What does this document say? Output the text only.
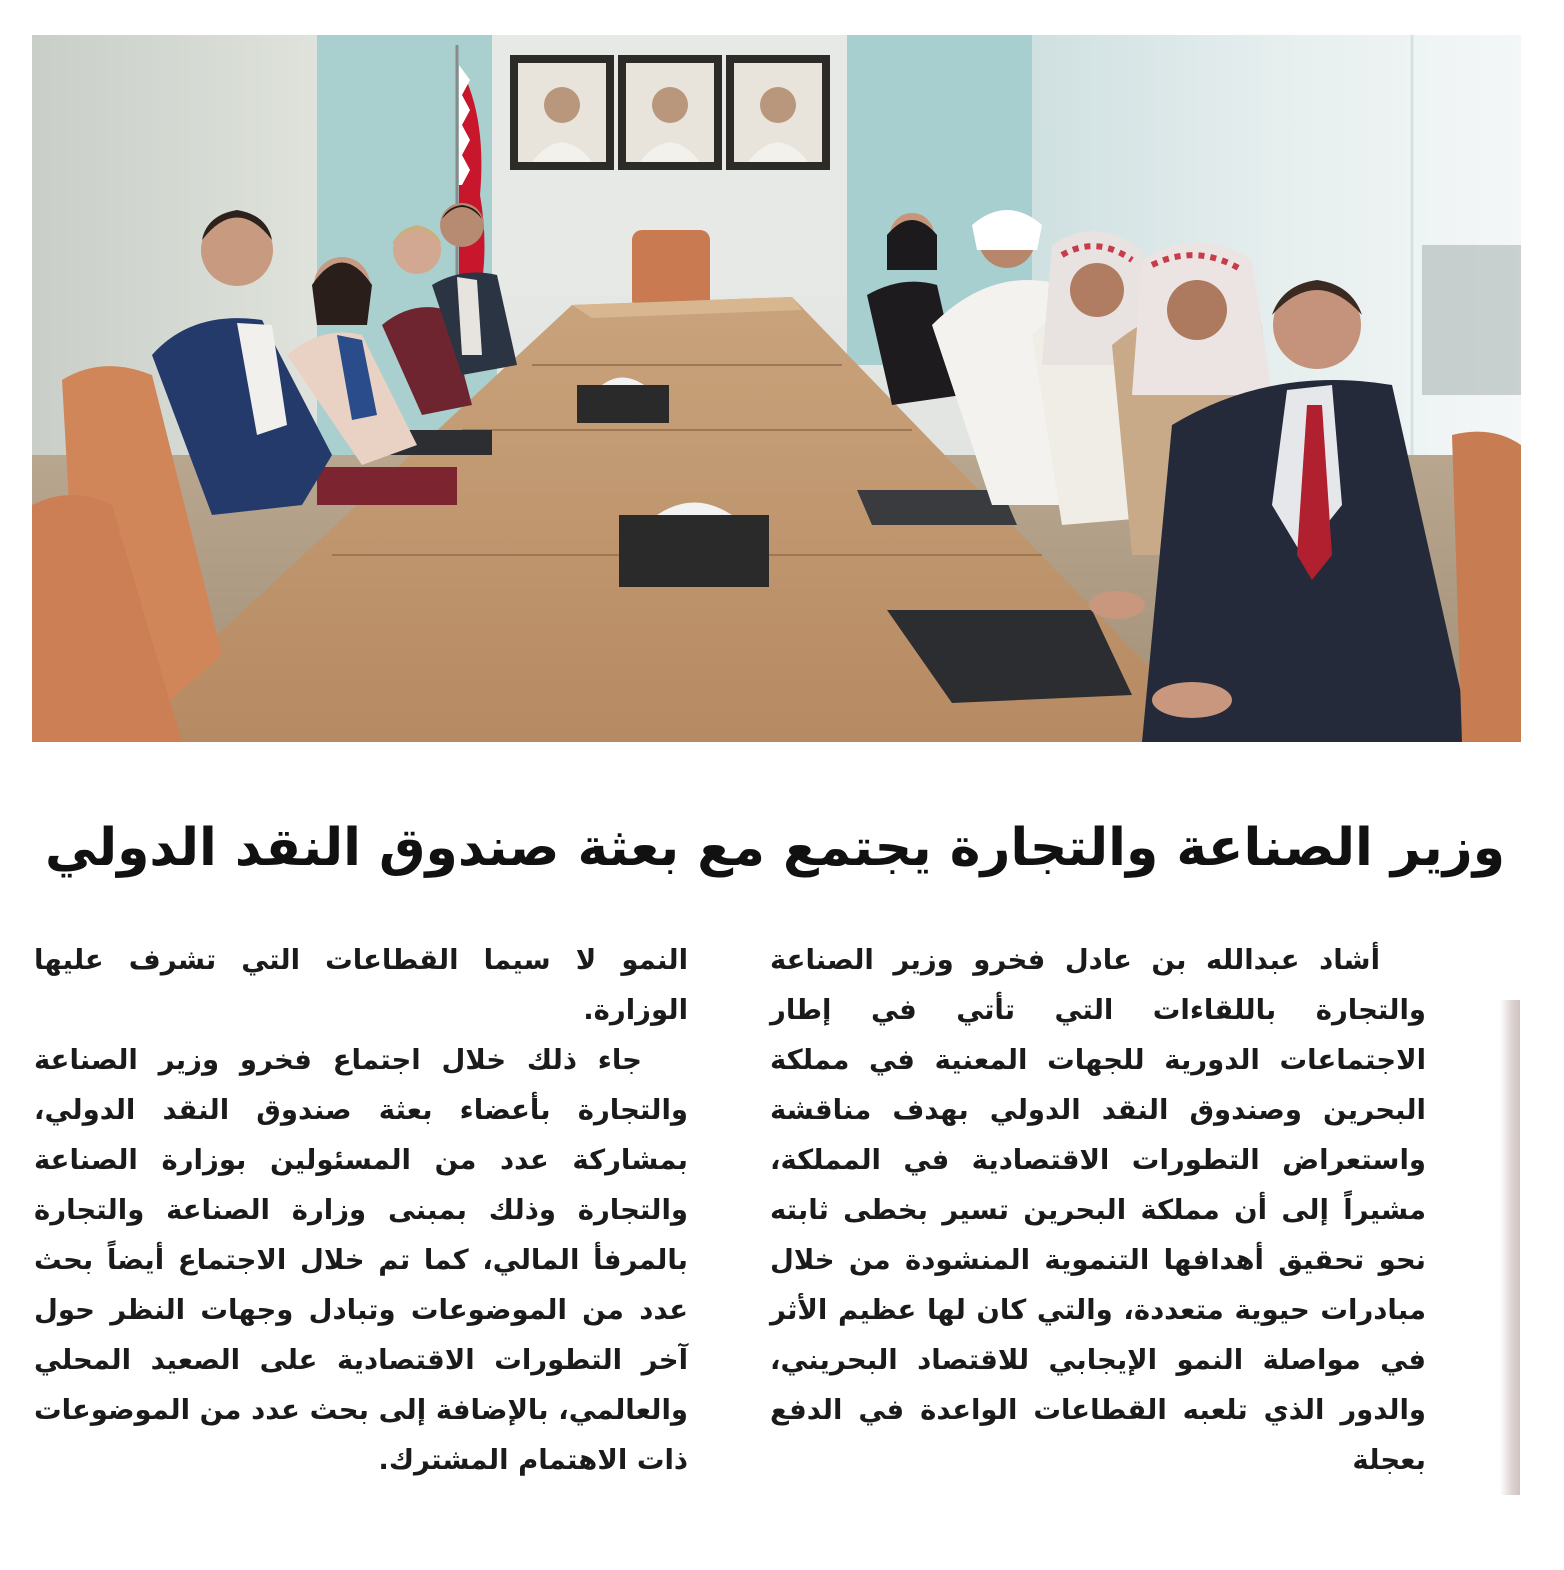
وزير الصناعة والتجارة يجتمع مع بعثة صندوق النقد الدولي

أشاد عبدالله بن عادل فخرو وزير الصناعة والتجارة باللقاءات التي تأتي في إطار الاجتماعات الدورية للجهات المعنية في مملكة البحرين وصندوق النقد الدولي بهدف مناقشة واستعراض التطورات الاقتصادية في المملكة، مشيراً إلى أن مملكة البحرين تسير بخطى ثابته نحو تحقيق أهدافها التنموية المنشودة من خلال مبادرات حيوية متعددة، والتي كان لها عظيم الأثر في مواصلة النمو الإيجابي للاقتصاد البحريني، والدور الذي تلعبه القطاعات الواعدة في الدفع بعجلة

النمو لا سيما القطاعات التي تشرف عليها الوزارة.

جاء ذلك خلال اجتماع فخرو وزير الصناعة والتجارة بأعضاء بعثة صندوق النقد الدولي، بمشاركة عدد من المسئولين بوزارة الصناعة والتجارة وذلك بمبنى وزارة الصناعة والتجارة بالمرفأ المالي، كما تم خلال الاجتماع أيضاً بحث عدد من الموضوعات وتبادل وجهات النظر حول آخر التطورات الاقتصادية على الصعيد المحلي والعالمي، بالإضافة إلى بحث عدد من الموضوعات ذات الاهتمام المشترك.
